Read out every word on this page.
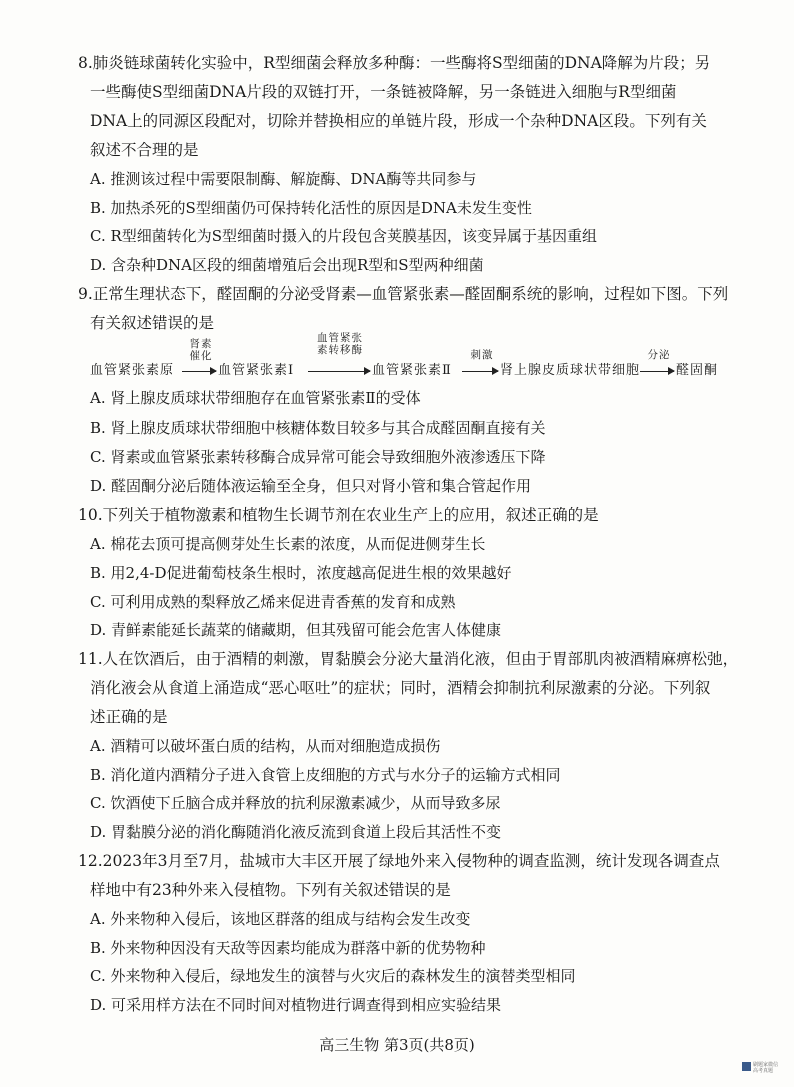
8.肺炎链球菌转化实验中，R型细菌会释放多种酶：一些酶将S型细菌的DNA降解为片段；另
一些酶使S型细菌DNA片段的双链打开，一条链被降解，另一条链进入细胞与R型细菌
DNA上的同源区段配对，切除并替换相应的单链片段，形成一个杂种DNA区段。下列有关
叙述不合理的是
A. 推测该过程中需要限制酶、解旋酶、DNA酶等共同参与
B. 加热杀死的S型细菌仍可保持转化活性的原因是DNA未发生变性
C. R型细菌转化为S型细菌时摄入的片段包含荚膜基因，该变异属于基因重组
D. 含杂种DNA区段的细菌增殖后会出现R型和S型两种细菌
9.正常生理状态下，醛固酮的分泌受肾素—血管紧张素—醛固酮系统的影响，过程如下图。下列
有关叙述错误的是
血管紧张素原
肾素
催化
血管紧张素Ⅰ
血管紧张
素转移酶
血管紧张素Ⅱ
刺激
肾上腺皮质球状带细胞
分泌
醛固酮
A. 肾上腺皮质球状带细胞存在血管紧张素Ⅱ的受体
B. 肾上腺皮质球状带细胞中核糖体数目较多与其合成醛固酮直接有关
C. 肾素或血管紧张素转移酶合成异常可能会导致细胞外液渗透压下降
D. 醛固酮分泌后随体液运输至全身，但只对肾小管和集合管起作用
10.下列关于植物激素和植物生长调节剂在农业生产上的应用，叙述正确的是
A. 棉花去顶可提高侧芽处生长素的浓度，从而促进侧芽生长
B. 用2,4-D促进葡萄枝条生根时，浓度越高促进生根的效果越好
C. 可利用成熟的梨释放乙烯来促进青香蕉的发育和成熟
D. 青鲜素能延长蔬菜的储藏期，但其残留可能会危害人体健康
11.人在饮酒后，由于酒精的刺激，胃黏膜会分泌大量消化液，但由于胃部肌肉被酒精麻痹松弛，
消化液会从食道上涌造成“恶心呕吐”的症状；同时，酒精会抑制抗利尿激素的分泌。下列叙
述正确的是
A. 酒精可以破坏蛋白质的结构，从而对细胞造成损伤
B. 消化道内酒精分子进入食管上皮细胞的方式与水分子的运输方式相同
C. 饮酒使下丘脑合成并释放的抗利尿激素减少，从而导致多尿
D. 胃黏膜分泌的消化酶随消化液反流到食道上段后其活性不变
12.2023年3月至7月，盐城市大丰区开展了绿地外来入侵物种的调查监测，统计发现各调查点
样地中有23种外来入侵植物。下列有关叙述错误的是
A. 外来物种入侵后，该地区群落的组成与结构会发生改变
B. 外来物种因没有天敌等因素均能成为群落中新的优势物种
C. 外来物种入侵后，绿地发生的演替与火灾后的森林发生的演替类型相同
D. 可采用样方法在不同时间对植物进行调查得到相应实验结果
高三生物 第3页(共8页)
刷题家微信
高考真题
